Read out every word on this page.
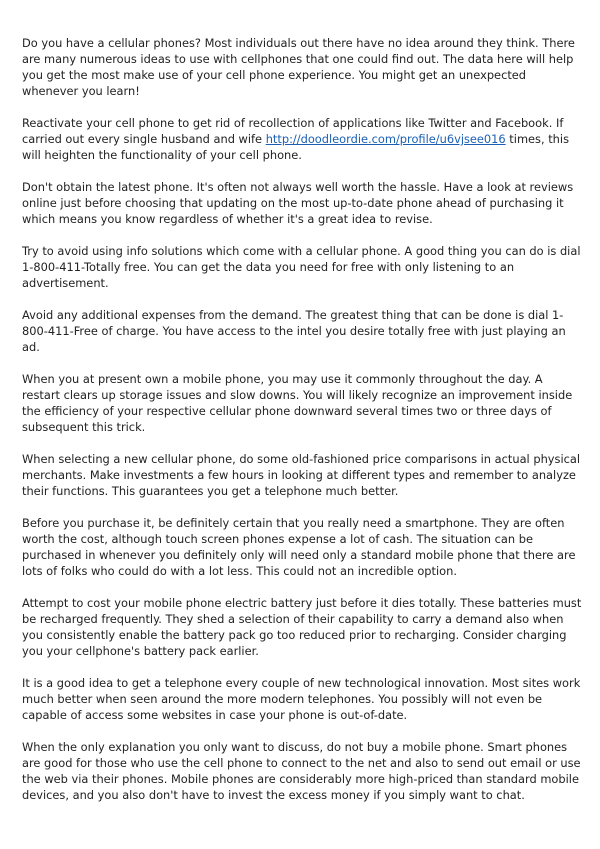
Do you have a cellular phones? Most individuals out there have no idea around they think. There are many numerous ideas to use with cellphones that one could find out. The data here will help you get the most make use of your cell phone experience. You might get an unexpected whenever you learn!

Reactivate your cell phone to get rid of recollection of applications like Twitter and Facebook. If carried out every single husband and wife http://doodleordie.com/profile/u6vjsee016 times, this will heighten the functionality of your cell phone.

Don't obtain the latest phone. It's often not always well worth the hassle. Have a look at reviews online just before choosing that updating on the most up-to-date phone ahead of purchasing it which means you know regardless of whether it's a great idea to revise.

Try to avoid using info solutions which come with a cellular phone. A good thing you can do is dial 1-800-411-Totally free. You can get the data you need for free with only listening to an advertisement.

Avoid any additional expenses from the demand. The greatest thing that can be done is dial 1-800-411-Free of charge. You have access to the intel you desire totally free with just playing an ad.

When you at present own a mobile phone, you may use it commonly throughout the day. A restart clears up storage issues and slow downs. You will likely recognize an improvement inside the efficiency of your respective cellular phone downward several times two or three days of subsequent this trick.

When selecting a new cellular phone, do some old-fashioned price comparisons in actual physical merchants. Make investments a few hours in looking at different types and remember to analyze their functions. This guarantees you get a telephone much better.

Before you purchase it, be definitely certain that you really need a smartphone. They are often worth the cost, although touch screen phones expense a lot of cash. The situation can be purchased in whenever you definitely only will need only a standard mobile phone that there are lots of folks who could do with a lot less. This could not an incredible option.

Attempt to cost your mobile phone electric battery just before it dies totally. These batteries must be recharged frequently. They shed a selection of their capability to carry a demand also when you consistently enable the battery pack go too reduced prior to recharging. Consider charging you your cellphone's battery pack earlier.

It is a good idea to get a telephone every couple of new technological innovation. Most sites work much better when seen around the more modern telephones. You possibly will not even be capable of access some websites in case your phone is out-of-date.

When the only explanation you only want to discuss, do not buy a mobile phone. Smart phones are good for those who use the cell phone to connect to the net and also to send out email or use the web via their phones. Mobile phones are considerably more high-priced than standard mobile devices, and you also don't have to invest the excess money if you simply want to chat.
